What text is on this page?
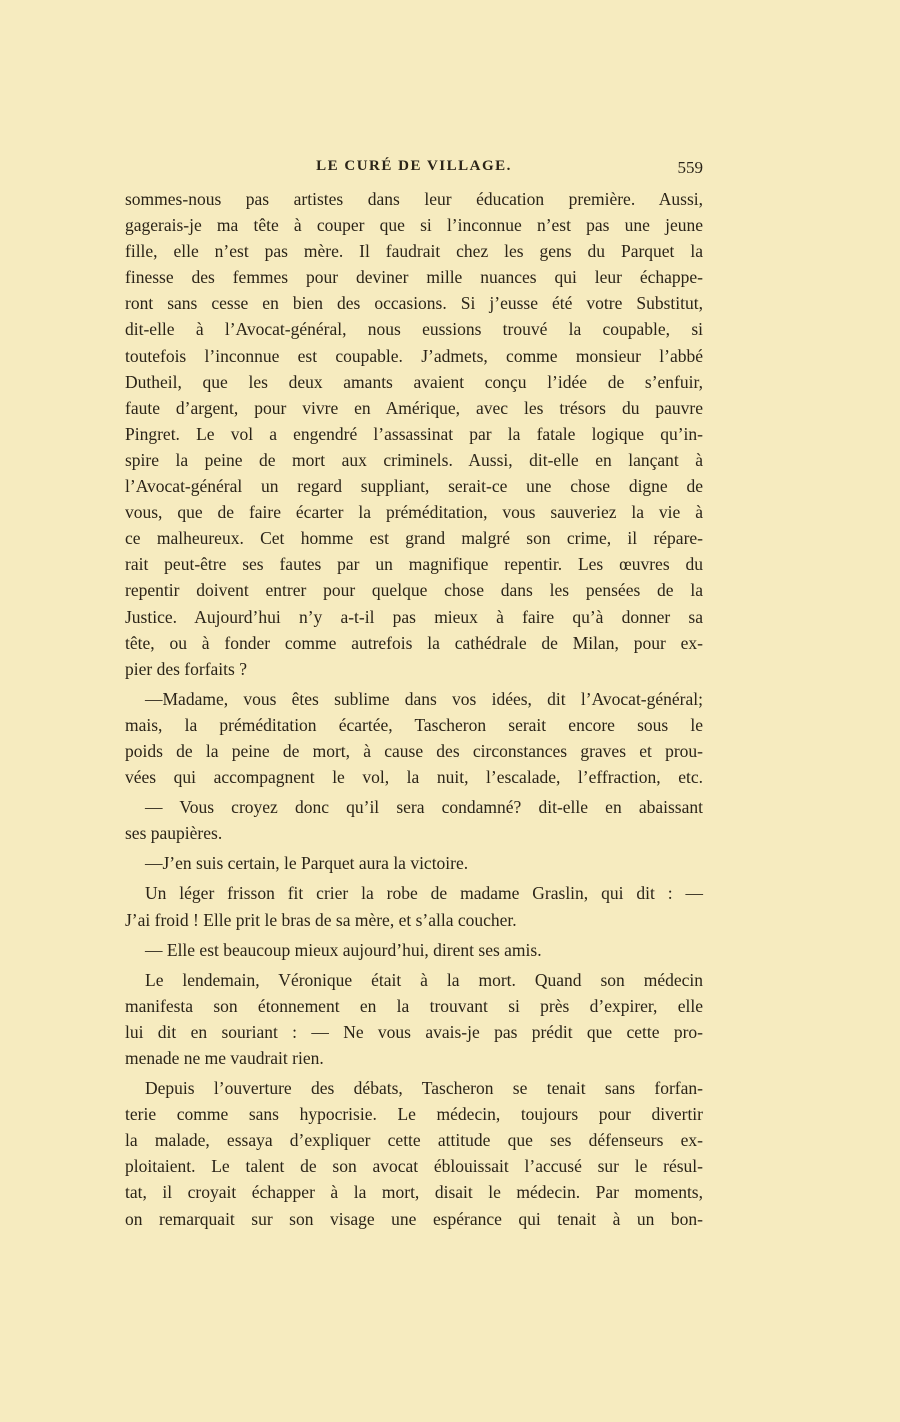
LE CURÉ DE VILLAGE.	559
sommes-nous pas artistes dans leur éducation première. Aussi,
gagerais-je ma tête à couper que si l’inconnue n’est pas une jeune
fille, elle n’est pas mère. Il faudrait chez les gens du Parquet la
finesse des femmes pour deviner mille nuances qui leur échappe-
ront sans cesse en bien des occasions. Si j’eusse été votre Substitut,
dit-elle à l’Avocat-général, nous eussions trouvé la coupable, si
toutefois l’inconnue est coupable. J’admets, comme monsieur l’abbé
Dutheil, que les deux amants avaient conçu l’idée de s’enfuir,
faute d’argent, pour vivre en Amérique, avec les trésors du pauvre
Pingret. Le vol a engendré l’assassinat par la fatale logique qu’in-
spire la peine de mort aux criminels. Aussi, dit-elle en lançant à
l’Avocat-général un regard suppliant, serait-ce une chose digne de
vous, que de faire écarter la préméditation, vous sauveriez la vie à
ce malheureux. Cet homme est grand malgré son crime, il répare-
rait peut-être ses fautes par un magnifique repentir. Les œuvres du
repentir doivent entrer pour quelque chose dans les pensées de la
Justice. Aujourd’hui n’y a-t-il pas mieux à faire qu’à donner sa
tête, ou à fonder comme autrefois la cathédrale de Milan, pour ex-
pier des forfaits ?
—Madame, vous êtes sublime dans vos idées, dit l’Avocat-général;
mais, la préméditation écartée, Tascheron serait encore sous le
poids de la peine de mort, à cause des circonstances graves et prou-
vées qui accompagnent le vol, la nuit, l’escalade, l’effraction, etc.
— Vous croyez donc qu’il sera condamné? dit-elle en abaissant
ses paupières.
—J’en suis certain, le Parquet aura la victoire.
Un léger frisson fit crier la robe de madame Graslin, qui dit : —
J’ai froid ! Elle prit le bras de sa mère, et s’alla coucher.
— Elle est beaucoup mieux aujourd’hui, dirent ses amis.
Le lendemain, Véronique était à la mort. Quand son médecin
manifesta son étonnement en la trouvant si près d’expirer, elle
lui dit en souriant : — Ne vous avais-je pas prédit que cette pro-
menade ne me vaudrait rien.
Depuis l’ouverture des débats, Tascheron se tenait sans forfan-
terie comme sans hypocrisie. Le médecin, toujours pour divertir
la malade, essaya d’expliquer cette attitude que ses défenseurs ex-
ploitaient. Le talent de son avocat éblouissait l’accusé sur le résul-
tat, il croyait échapper à la mort, disait le médecin. Par moments,
on remarquait sur son visage une espérance qui tenait à un bon-
